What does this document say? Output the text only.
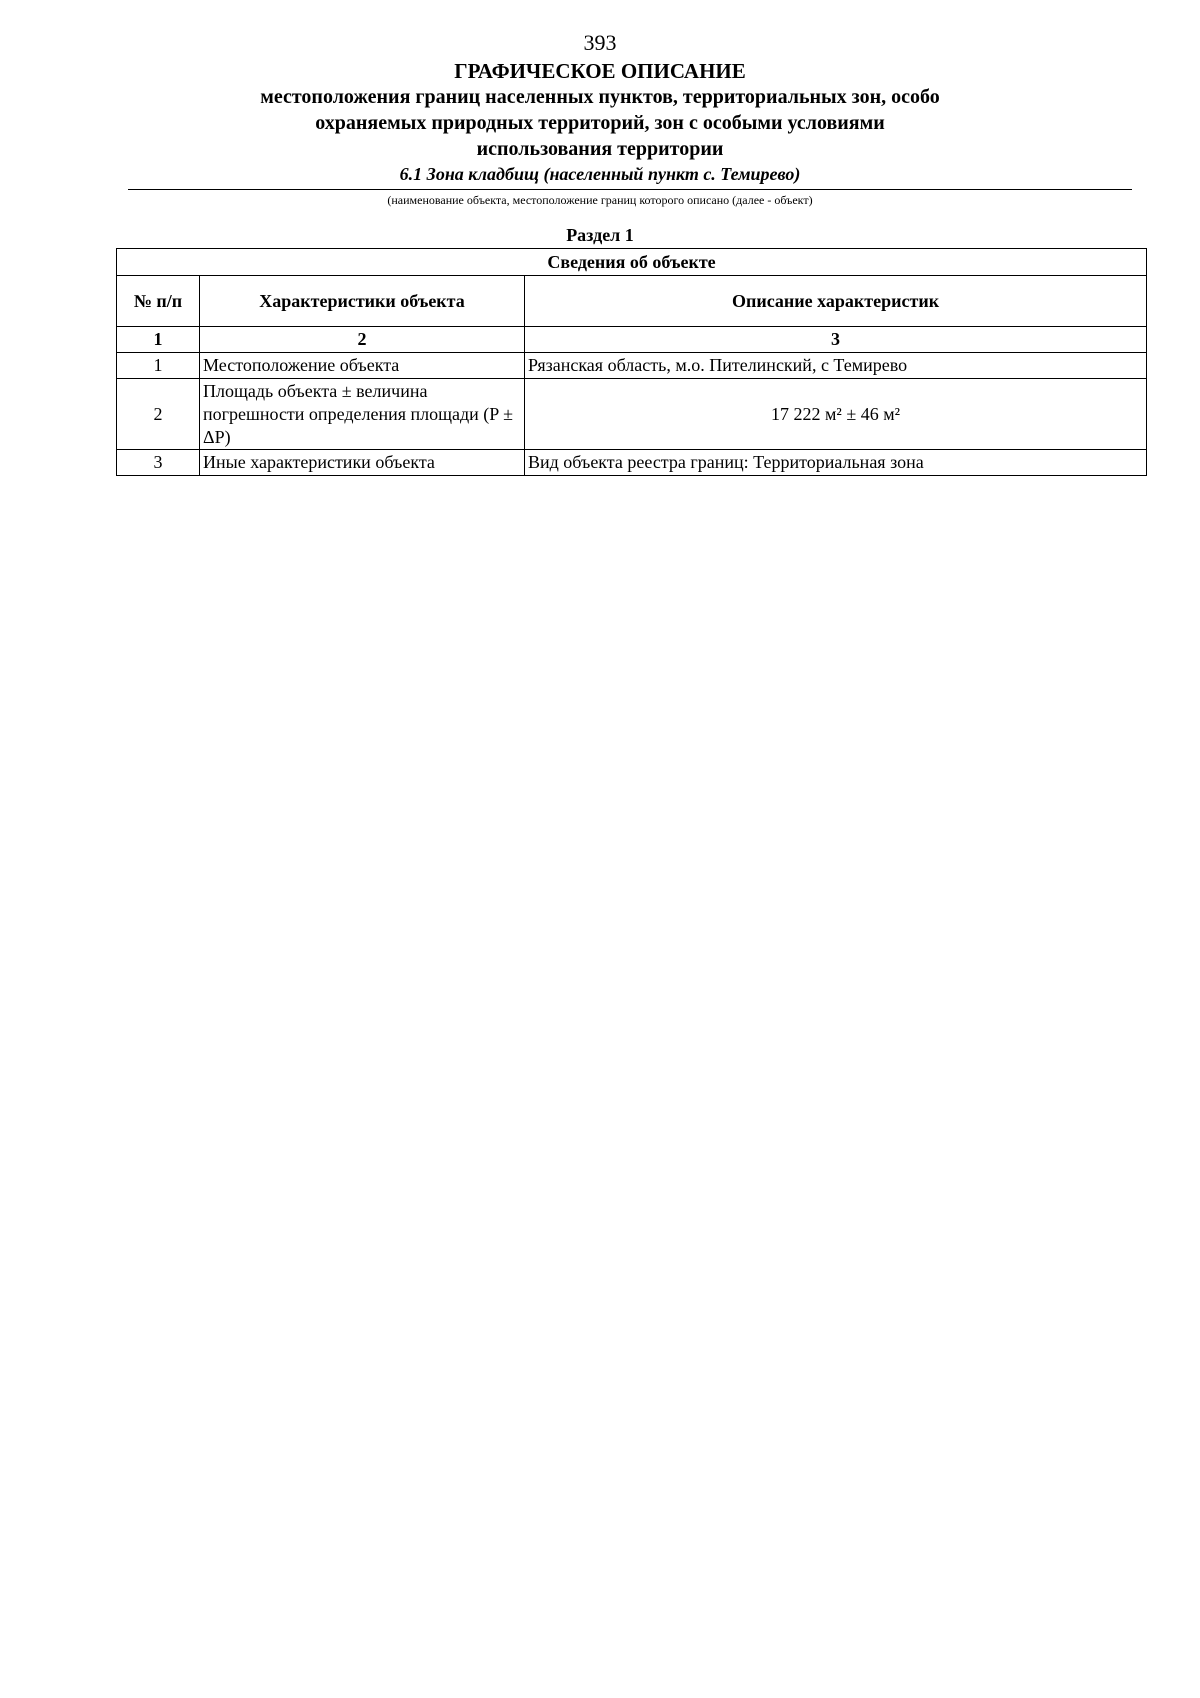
393
ГРАФИЧЕСКОЕ ОПИСАНИЕ
местоположения границ населенных пунктов, территориальных зон, особо охраняемых природных территорий, зон с особыми условиями использования территории
6.1 Зона кладбищ (населенный пункт с. Темирево)
(наименование объекта, местоположение границ которого описано (далее - объект)
Раздел 1
Сведения об объекте		
№ п/п	Характеристики объекта	Описание характеристик
1	2	3
1	Местоположение объекта	Рязанская область, м.о. Пителинский, с Темирево
2	Площадь объекта ± величина погрешности определения площади (P ± ΔP)	17 222 м² ± 46 м²
3	Иные характеристики объекта	Вид объекта реестра границ: Территориальная зона
